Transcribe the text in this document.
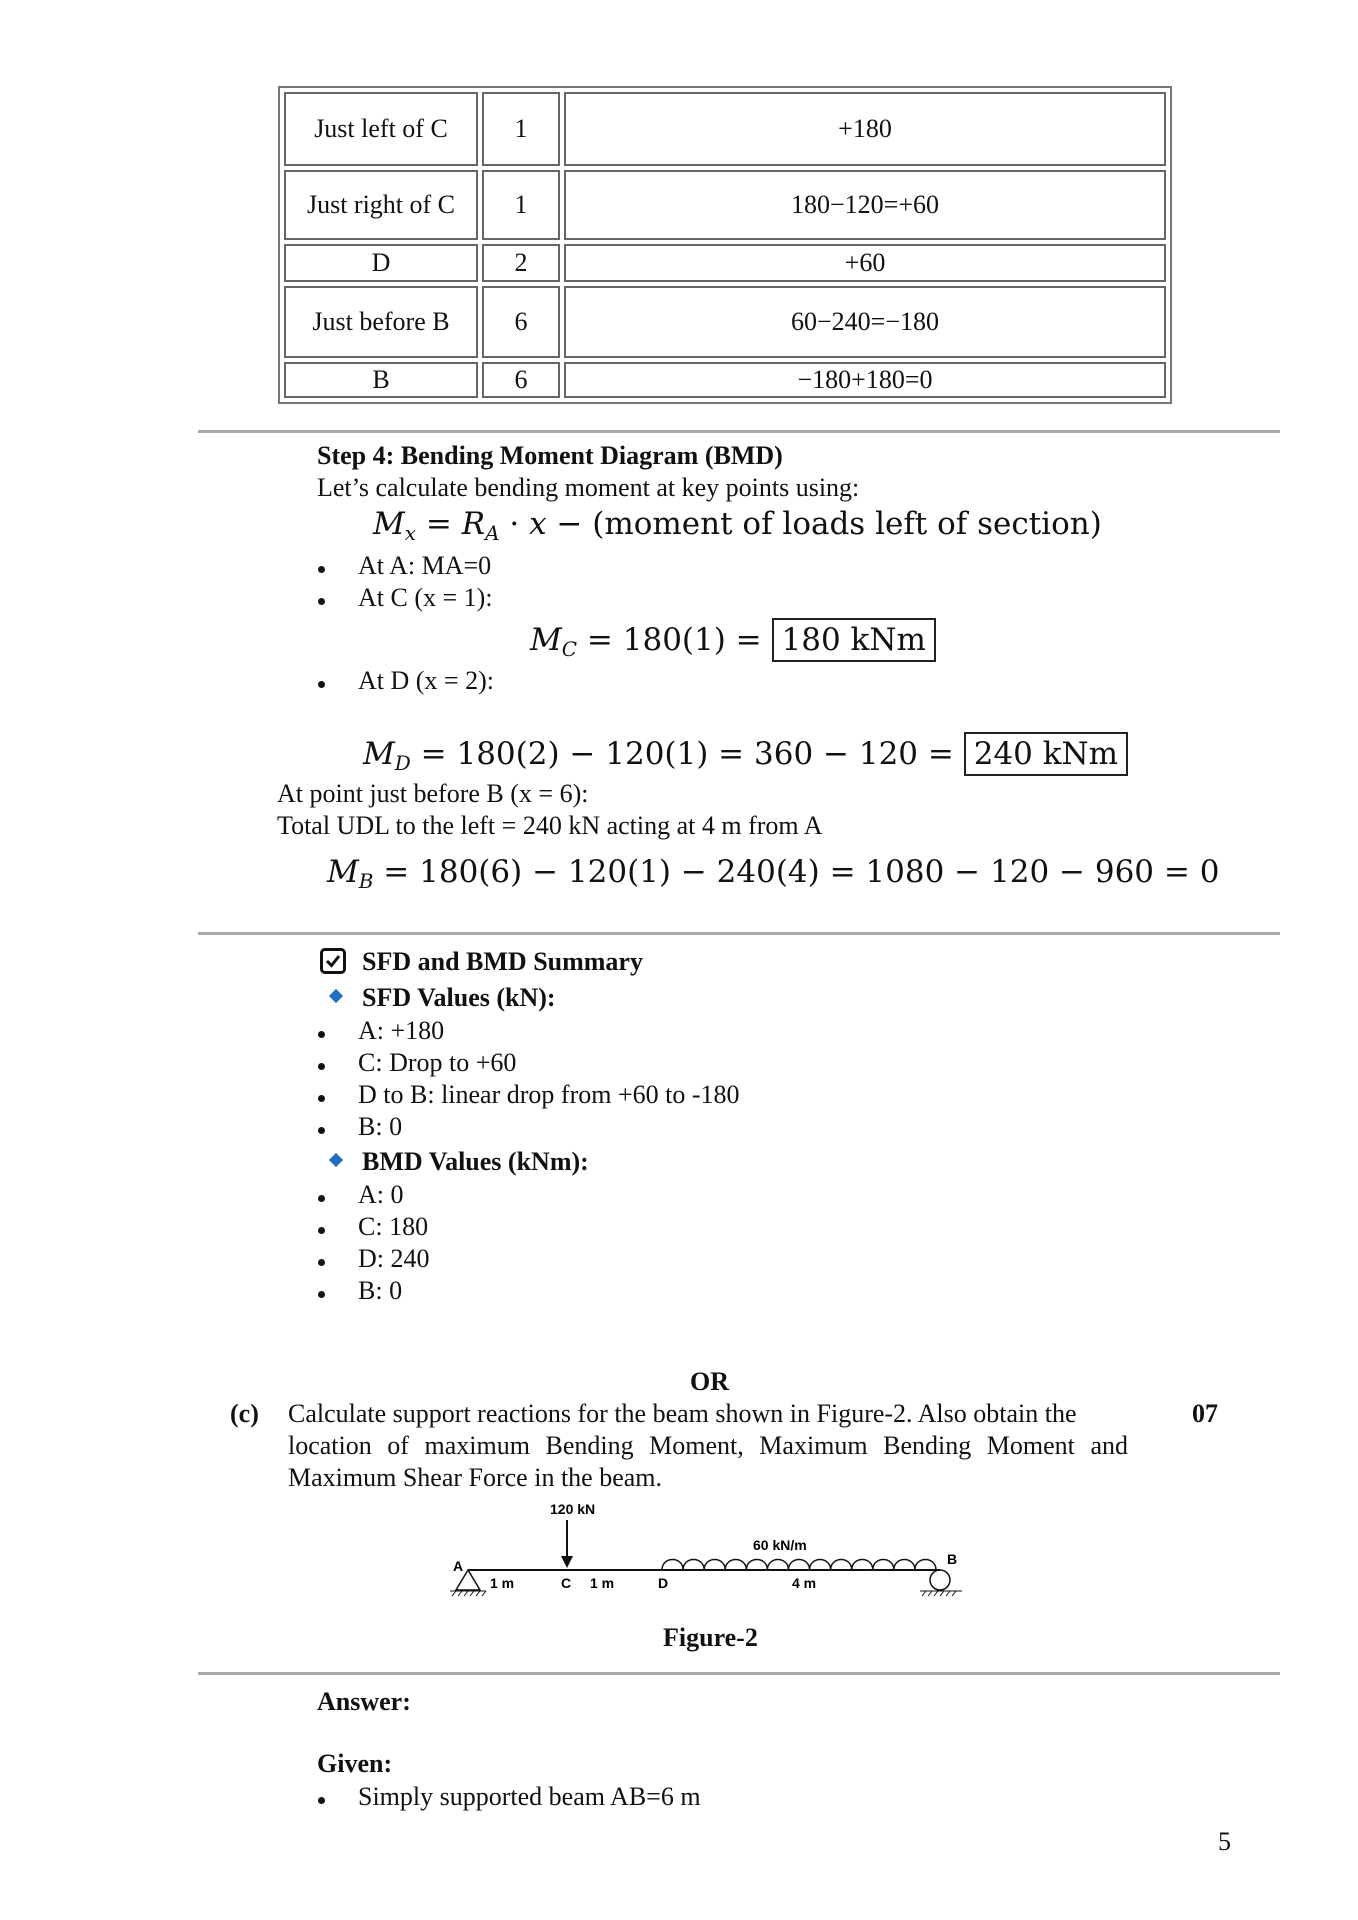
Just left of C	1	+180
Just right of C	1	180−120=+60
D	2	+60
Just before B	6	60−240=−180
B	6	−180+180=0
Step 4: Bending Moment Diagram (BMD)
Let’s calculate bending moment at key points using:
$M_x = R_A \cdot x$ − (moment of loads left of section)
At A: MA=0
At C (x = 1):
$M_C = 180(1) = 180$ kNm
At D (x = 2):
$M_D = 180(2) - 120(1) = 360 - 120 = 240$ kNm
At point just before B (x = 6):
Total UDL to the left = 240 kN acting at 4 m from A
$M_B = 180(6) - 120(1) - 240(4) = 1080 - 120 - 960 = 0$
SFD and BMD Summary
SFD Values (kN):
A: +180
C: Drop to +60
D to B: linear drop from +60 to -180
B: 0
BMD Values (kNm):
A: 0
C: 180
D: 240
B: 0
OR
(c) Calculate support reactions for the beam shown in Figure-2. Also obtain the
location of maximum Bending Moment, Maximum Bending Moment and
Maximum Shear Force in the beam.
07
120 kN
60 kN/m
A	B
C	D
1 m	1 m	4 m
Figure-2
Answer:
Given:
Simply supported beam AB=6 m
5
